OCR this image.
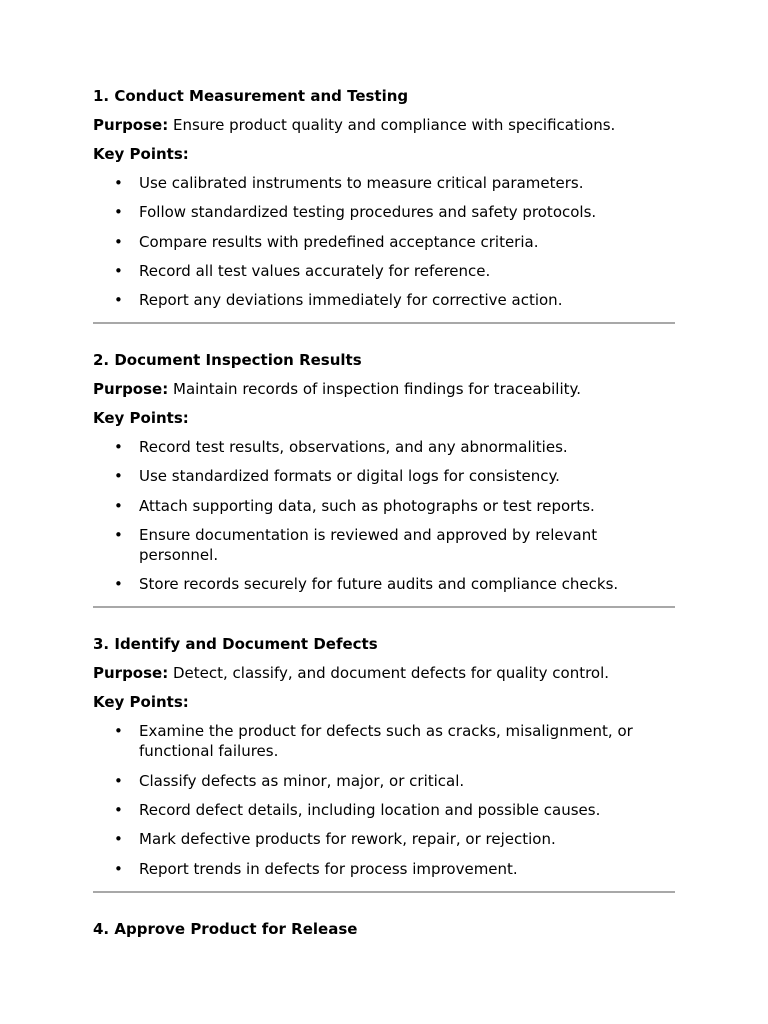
1. Conduct Measurement and Testing
Purpose: Ensure product quality and compliance with specifications.
Key Points:
• Use calibrated instruments to measure critical parameters.
• Follow standardized testing procedures and safety protocols.
• Compare results with predefined acceptance criteria.
• Record all test values accurately for reference.
• Report any deviations immediately for corrective action.
2. Document Inspection Results
Purpose: Maintain records of inspection findings for traceability.
Key Points:
• Record test results, observations, and any abnormalities.
• Use standardized formats or digital logs for consistency.
• Attach supporting data, such as photographs or test reports.
• Ensure documentation is reviewed and approved by relevant personnel.
• Store records securely for future audits and compliance checks.
3. Identify and Document Defects
Purpose: Detect, classify, and document defects for quality control.
Key Points:
• Examine the product for defects such as cracks, misalignment, or functional failures.
• Classify defects as minor, major, or critical.
• Record defect details, including location and possible causes.
• Mark defective products for rework, repair, or rejection.
• Report trends in defects for process improvement.
4. Approve Product for Release
